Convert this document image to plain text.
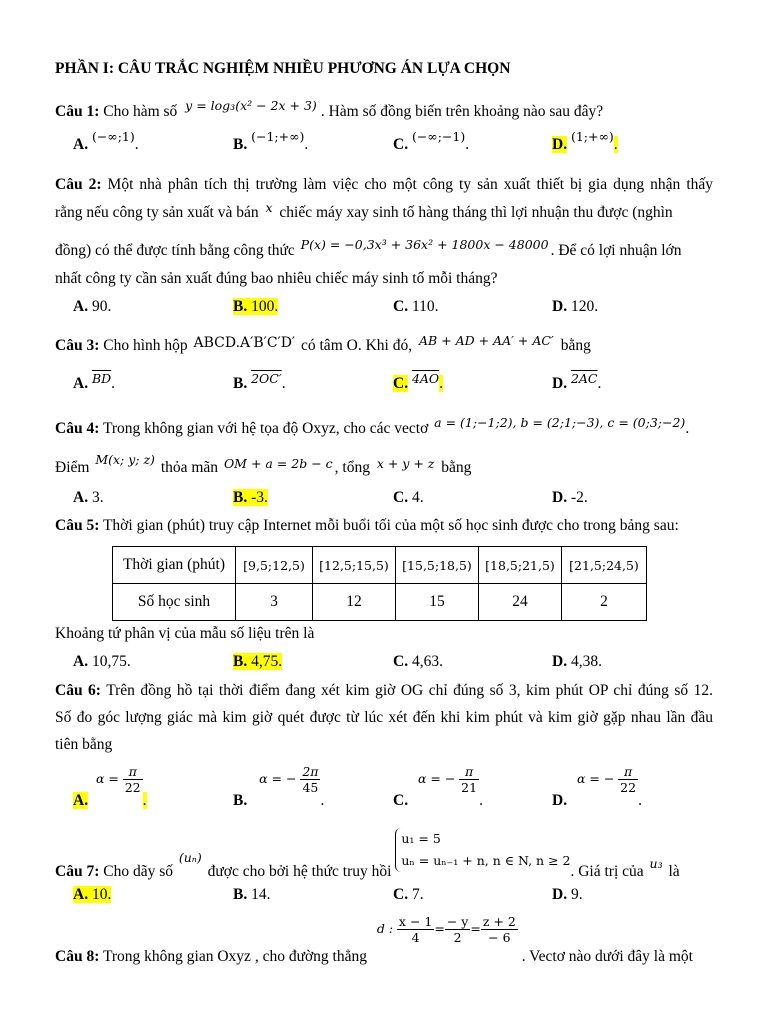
PHẦN I: CÂU TRẮC NGHIỆM NHIỀU PHƯƠNG ÁN LỰA CHỌN
Câu 1: Cho hàm số $^{y = log_3(x^2 - 2x + 3)}$ . Hàm số đồng biến trên khoảng nào sau đây?
A. $^{(-\infty;1)}$.	B. $^{(-1;+\infty)}$.	C. $^{(-\infty;-1)}$.	D. $^{(1;+\infty)}$.
Câu 2: Một nhà phân tích thị trường làm việc cho một công ty sản xuất thiết bị gia dụng nhận thấy
rằng nếu công ty sản xuất và bán $^x$ chiếc máy xay sinh tố hàng tháng thì lợi nhuận thu được (nghìn
đồng) có thể được tính bằng công thức $^{P(x) = -0,3x^3 + 36x^2 + 1800x - 48000}$ . Để có lợi nhuận lớn
nhất công ty cần sản xuất đúng bao nhiêu chiếc máy sinh tố mỗi tháng?
A. 90.	B. 100.	C. 110.	D. 120.
Câu 3: Cho hình hộp ABCD.A′B′C′D′ có tâm O. Khi đó, $^{AB + AD + AA' + AC'}$ bằng
A. $^{\overline{BD}}$.	B. $^{2OC'}$.	C. $^{4AO}$.	D. $^{2AC}$.
Câu 4: Trong không gian với hệ tọa độ Oxyz, cho các vectơ $^{a = (1;-1;2), b = (2;1;-3), c = (0;3;-2)}$.
Điểm $^{M(x; y; z)}$ thỏa mãn $^{OM + a = 2b - c}$ , tổng $^{x + y + z}$ bằng
A. 3.	B. -3.	C. 4.	D. -2.
Câu 5: Thời gian (phút) truy cập Internet mỗi buổi tối của một số học sinh được cho trong bảng sau:
Thời gian (phút)	[9,5;12,5)	[12,5;15,5)	[15,5;18,5)	[18,5;21,5)	[21,5;24,5)
Số học sinh	3	12	15	24	2
Khoảng tứ phân vị của mẫu số liệu trên là
A. 10,75.	B. 4,75.	C. 4,63.	D. 4,38.
Câu 6: Trên đồng hồ tại thời điểm đang xét kim giờ OG chỉ đúng số 3, kim phút OP chỉ đúng số 12.
Số đo góc lượng giác mà kim giờ quét được từ lúc xét đến khi kim phút và kim giờ gặp nhau lần đầu
tiên bằng
A. $\alpha = \frac{\pi}{22}$
.	B. α = − $\frac{2\pi}{45}$
.	C. α = − $\frac{\pi}{21}$
.	D. α = − $\frac{\pi}{22}$
.
Câu 7: Cho dãy số $_{(u_n)}$ được cho bởi hệ thức truy hồi
u₁ = 5
uₙ = uₙ₋₁ + n, n ∈ N, n ≥ 2
. Giá trị của $_{u_3}$ là
A. 10.	B. 14.	C. 7.	D. 9.
Câu 8: Trong không gian Oxyz , cho đường thẳng d : $\frac{x - 1}{4} = \frac{- y}{2} = \frac{z + 2}{- 6}$
. Vectơ nào dưới đây là một
